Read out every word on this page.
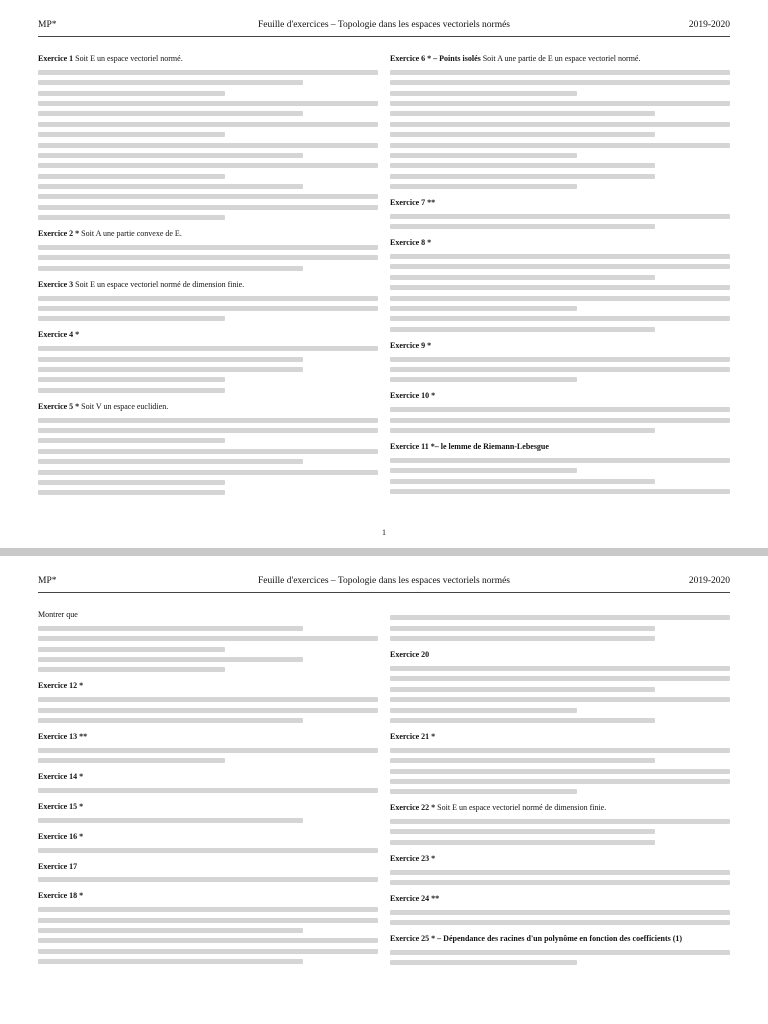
MP*	Feuille d'exercices – Topologie dans les espaces vectoriels normés	2019-2020
Exercice 1 Soit E un espace vectoriel normé.
Exercice 2 * Soit A une partie convexe de E.
Exercice 3 Soit E un espace vectoriel normé de dimension finie.
Exercice 4 *
Exercice 5 * Soit V un espace euclidien.
Exercice 6 * – Points isolés Soit A une partie de E un espace vectoriel normé.
Exercice 7 **
Exercice 8 *
Exercice 9 *
Exercice 10 *
Exercice 11 *– le lemme de Riemann-Lebesgue
1
MP*	Feuille d'exercices – Topologie dans les espaces vectoriels normés	2019-2020
Montrer que
Exercice 12 *
Exercice 13 **
Exercice 14 *
Exercice 15 *
Exercice 16 *
Exercice 17
Exercice 18 *
Exercice 20
Exercice 21 *
Exercice 22 * Soit E un espace vectoriel normé de dimension finie.
Exercice 23 *
Exercice 24 **
Exercice 25 * – Dépendance des racines d'un polynôme en fonction des coefficients (1)
